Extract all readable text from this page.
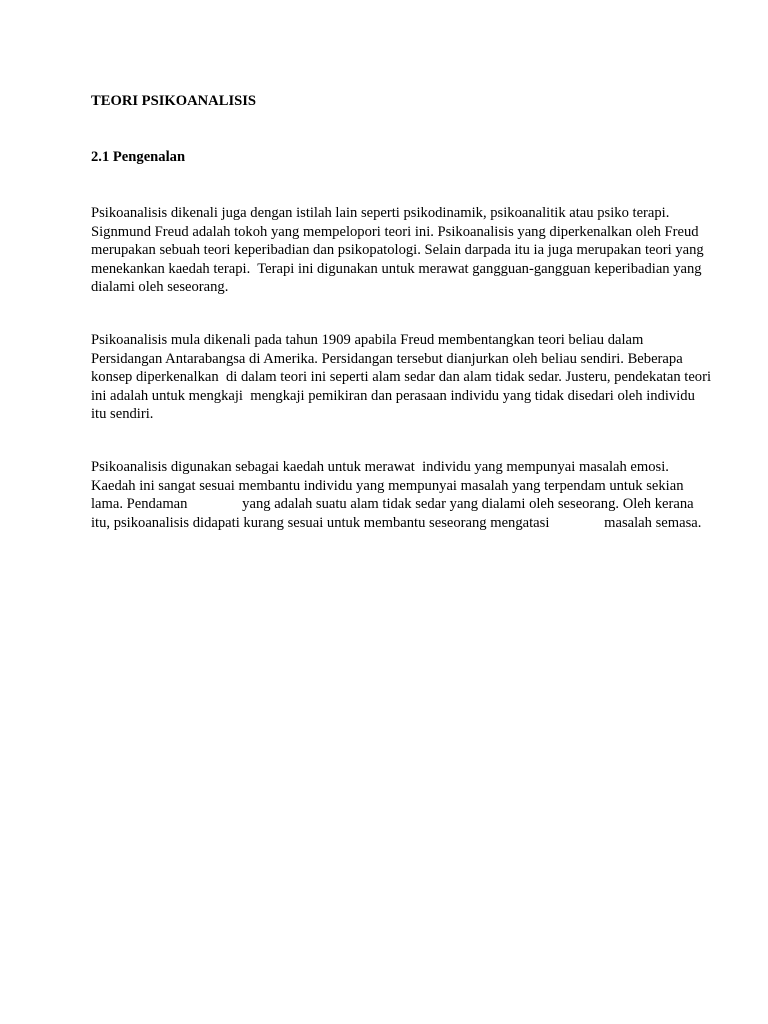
TEORI PSIKOANALISIS
2.1 Pengenalan
Psikoanalisis dikenali juga dengan istilah lain seperti psikodinamik, psikoanalitik atau psiko terapi.
Signmund Freud adalah tokoh yang mempelopori teori ini. Psikoanalisis yang diperkenalkan oleh Freud
merupakan sebuah teori keperibadian dan psikopatologi. Selain darpada itu ia juga merupakan teori yang
menekankan kaedah terapi.  Terapi ini digunakan untuk merawat gangguan-gangguan keperibadian yang
dialami oleh seseorang.
Psikoanalisis mula dikenali pada tahun 1909 apabila Freud membentangkan teori beliau dalam
Persidangan Antarabangsa di Amerika. Persidangan tersebut dianjurkan oleh beliau sendiri. Beberapa
konsep diperkenalkan  di dalam teori ini seperti alam sedar dan alam tidak sedar. Justeru, pendekatan teori
ini adalah untuk mengkaji  mengkaji pemikiran dan perasaan individu yang tidak disedari oleh individu
itu sendiri.
Psikoanalisis digunakan sebagai kaedah untuk merawat  individu yang mempunyai masalah emosi.
Kaedah ini sangat sesuai membantu individu yang mempunyai masalah yang terpendam untuk sekian
lama. Pendaman               yang adalah suatu alam tidak sedar yang dialami oleh seseorang. Oleh kerana
itu, psikoanalisis didapati kurang sesuai untuk membantu seseorang mengatasi               masalah semasa.
